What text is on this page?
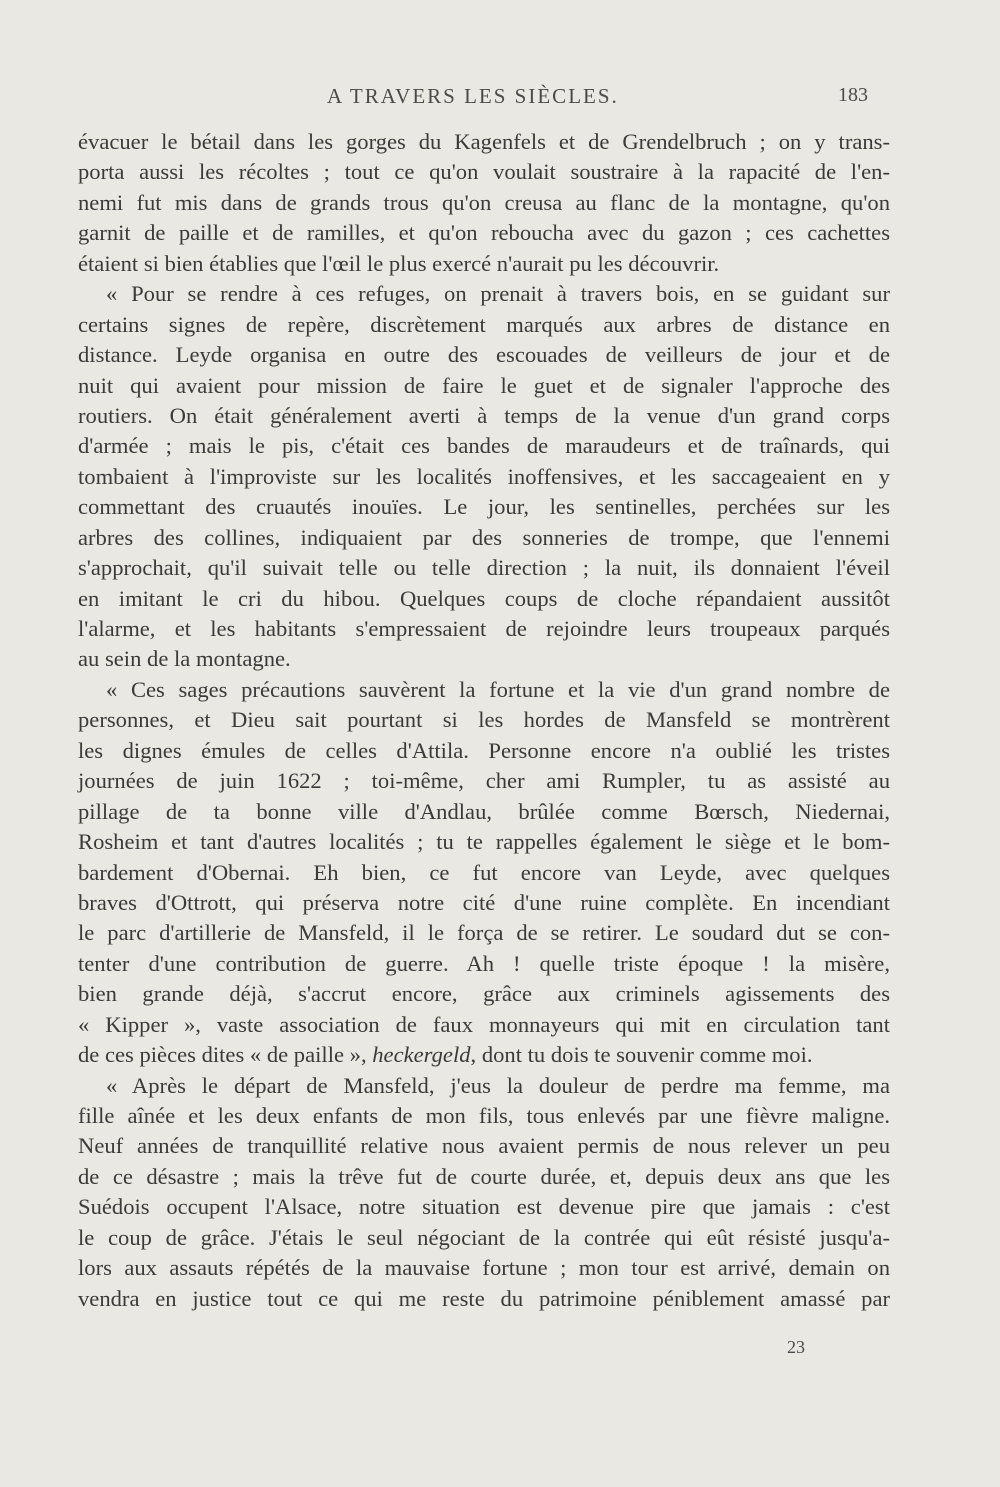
A TRAVERS LES SIÈCLES.	183
évacuer le bétail dans les gorges du Kagenfels et de Grendelbruch ; on y trans-
porta aussi les récoltes ; tout ce qu'on voulait soustraire à la rapacité de l'en-
nemi fut mis dans de grands trous qu'on creusa au flanc de la montagne, qu'on
garnit de paille et de ramilles, et qu'on reboucha avec du gazon ; ces cachettes
étaient si bien établies que l'œil le plus exercé n'aurait pu les découvrir.
« Pour se rendre à ces refuges, on prenait à travers bois, en se guidant sur
certains signes de repère, discrètement marqués aux arbres de distance en
distance. Leyde organisa en outre des escouades de veilleurs de jour et de
nuit qui avaient pour mission de faire le guet et de signaler l'approche des
routiers. On était généralement averti à temps de la venue d'un grand corps
d'armée ; mais le pis, c'était ces bandes de maraudeurs et de traînards, qui
tombaient à l'improviste sur les localités inoffensives, et les saccageaient en y
commettant des cruautés inouïes. Le jour, les sentinelles, perchées sur les
arbres des collines, indiquaient par des sonneries de trompe, que l'ennemi
s'approchait, qu'il suivait telle ou telle direction ; la nuit, ils donnaient l'éveil
en imitant le cri du hibou. Quelques coups de cloche répandaient aussitôt
l'alarme, et les habitants s'empressaient de rejoindre leurs troupeaux parqués
au sein de la montagne.
« Ces sages précautions sauvèrent la fortune et la vie d'un grand nombre de
personnes, et Dieu sait pourtant si les hordes de Mansfeld se montrèrent
les dignes émules de celles d'Attila. Personne encore n'a oublié les tristes
journées de juin 1622 ; toi-même, cher ami Rumpler, tu as assisté au
pillage de ta bonne ville d'Andlau, brûlée comme Bœrsch, Niedernai,
Rosheim et tant d'autres localités ; tu te rappelles également le siège et le bom-
bardement d'Obernai. Eh bien, ce fut encore van Leyde, avec quelques
braves d'Ottrott, qui préserva notre cité d'une ruine complète. En incendiant
le parc d'artillerie de Mansfeld, il le força de se retirer. Le soudard dut se con-
tenter d'une contribution de guerre. Ah ! quelle triste époque ! la misère,
bien grande déjà, s'accrut encore, grâce aux criminels agissements des
« Kipper », vaste association de faux monnayeurs qui mit en circulation tant
de ces pièces dites « de paille », heckergeld, dont tu dois te souvenir comme moi.
« Après le départ de Mansfeld, j'eus la douleur de perdre ma femme, ma
fille aînée et les deux enfants de mon fils, tous enlevés par une fièvre maligne.
Neuf années de tranquillité relative nous avaient permis de nous relever un peu
de ce désastre ; mais la trêve fut de courte durée, et, depuis deux ans que les
Suédois occupent l'Alsace, notre situation est devenue pire que jamais : c'est
le coup de grâce. J'étais le seul négociant de la contrée qui eût résisté jusqu'a-
lors aux assauts répétés de la mauvaise fortune ; mon tour est arrivé, demain on
vendra en justice tout ce qui me reste du patrimoine péniblement amassé par
23
